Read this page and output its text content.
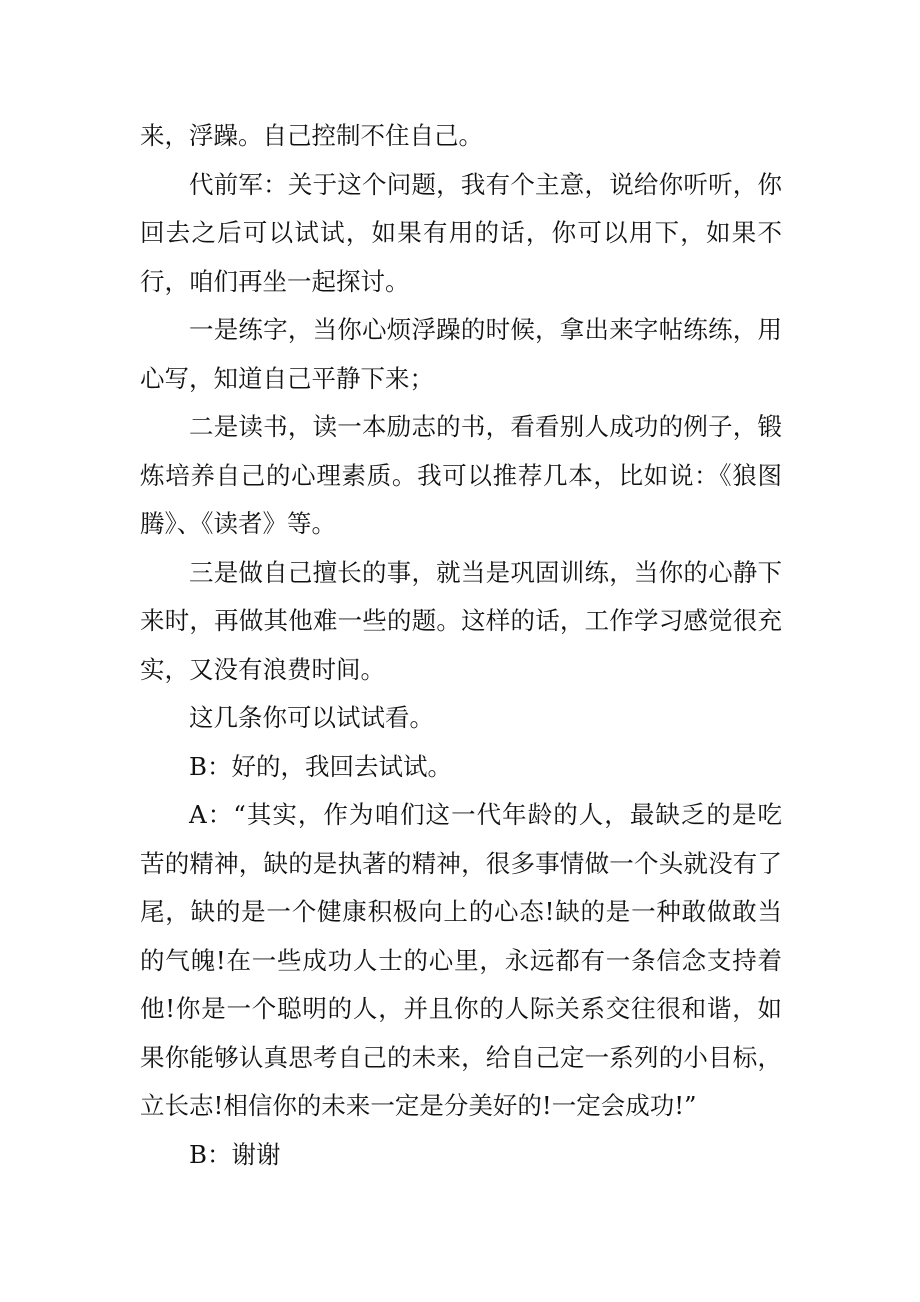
来，浮躁。自己控制不住自己。

代前军：关于这个问题，我有个主意，说给你听听，你回去之后可以试试，如果有用的话，你可以用下，如果不行，咱们再坐一起探讨。

一是练字，当你心烦浮躁的时候，拿出来字帖练练，用心写，知道自己平静下来；

二是读书，读一本励志的书，看看别人成功的例子，锻炼培养自己的心理素质。我可以推荐几本，比如说：《狼图腾》、《读者》等。

三是做自己擅长的事，就当是巩固训练，当你的心静下来时，再做其他难一些的题。这样的话，工作学习感觉很充实，又没有浪费时间。

这几条你可以试试看。

B：好的，我回去试试。

A：“其实，作为咱们这一代年龄的人，最缺乏的是吃苦的精神，缺的是执著的精神，很多事情做一个头就没有了尾，缺的是一个健康积极向上的心态!缺的是一种敢做敢当的气魄!在一些成功人士的心里，永远都有一条信念支持着他!你是一个聪明的人，并且你的人际关系交往很和谐，如果你能够认真思考自己的未来，给自己定一系列的小目标，立长志!相信你的未来一定是分美好的!一定会成功!”

B：谢谢
